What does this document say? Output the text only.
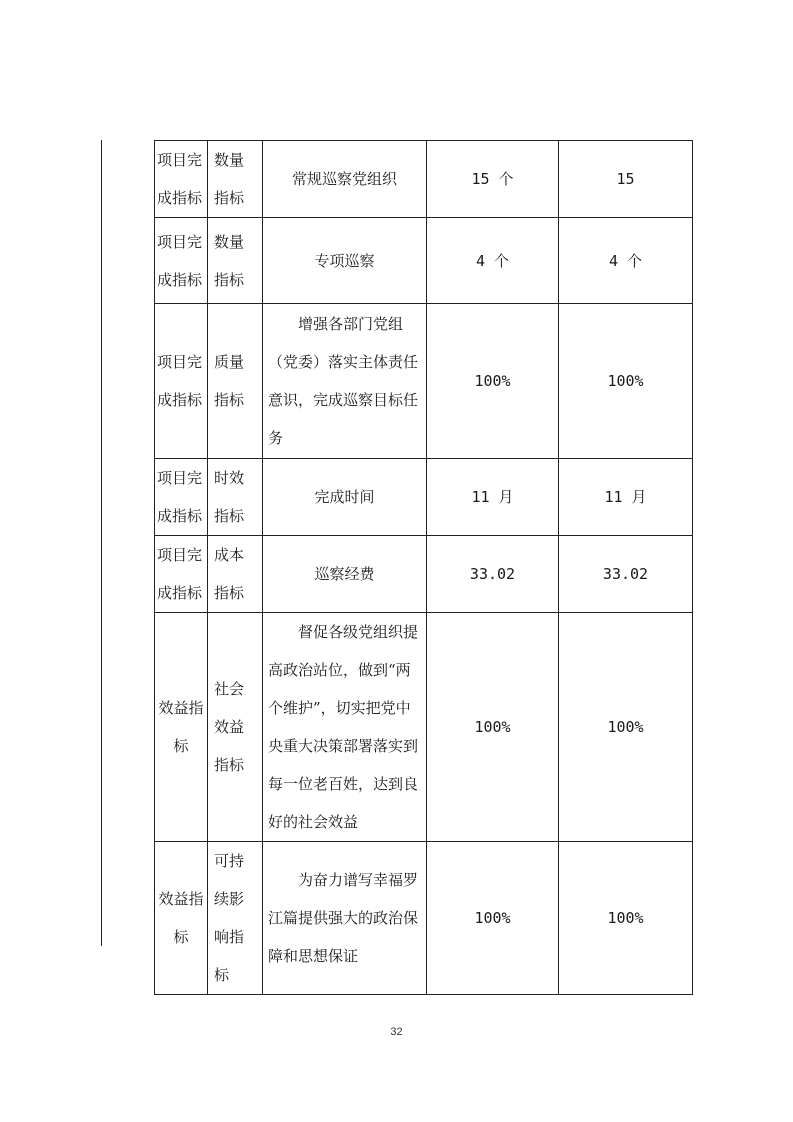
项目完成指标	数量指标	常规巡察党组织	15 个	15
项目完成指标	数量指标	专项巡察	4 个	4 个
项目完成指标	质量指标	增强各部门党组（党委）落实主体责任意识，完成巡察目标任务	100%	100%
项目完成指标	时效指标	完成时间	11 月	11 月
项目完成指标	成本指标	巡察经费	33.02	33.02
效益指标	社会效益指标	督促各级党组织提高政治站位，做到“两个维护”，切实把党中央重大决策部署落实到每一位老百姓，达到良好的社会效益	100%	100%
效益指标	可持续影响指标	为奋力谱写幸福罗江篇提供强大的政治保障和思想保证	100%	100%
32
